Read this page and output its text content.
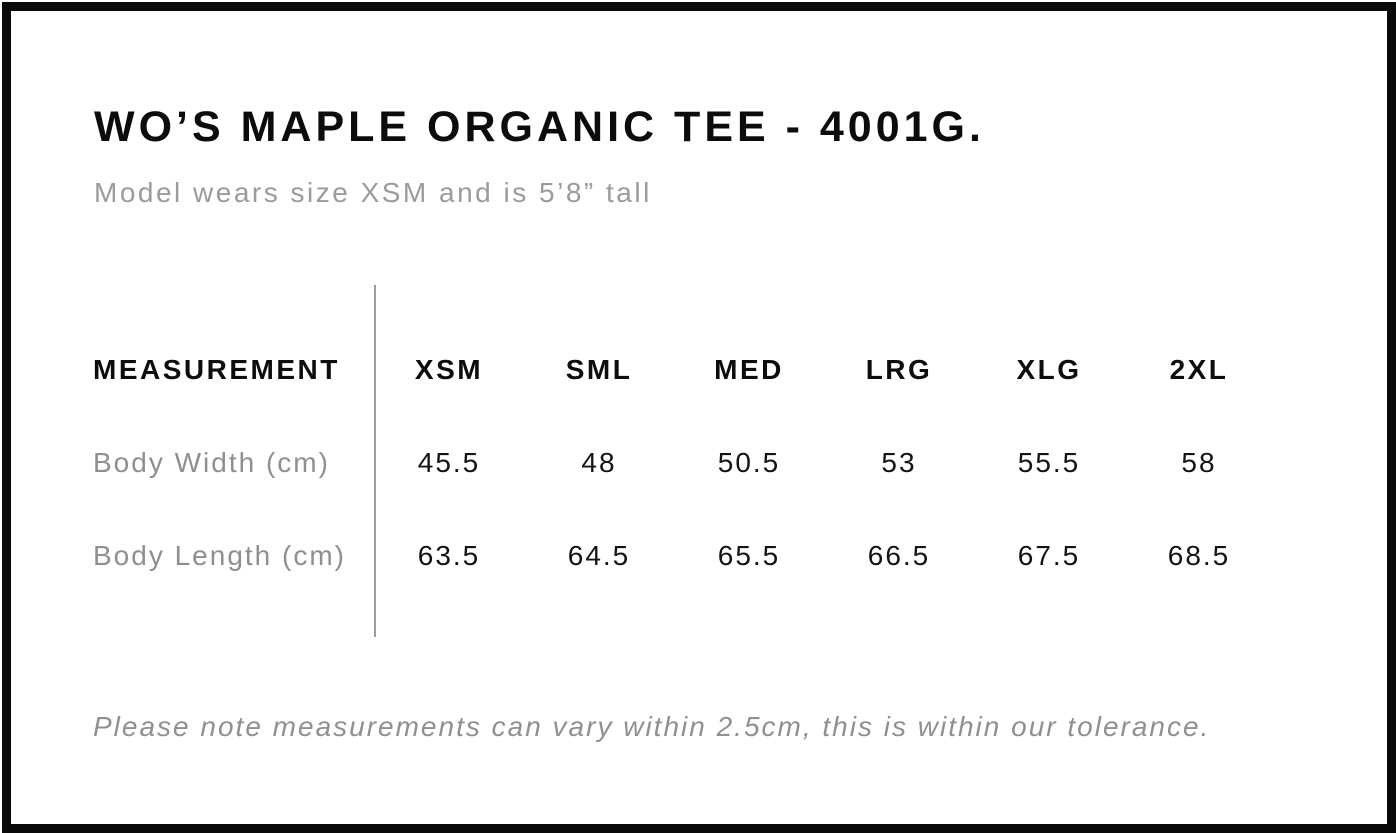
WO’S MAPLE ORGANIC TEE - 4001G.

Model wears size XSM and is 5’8” tall

MEASUREMENT	XSM	SML	MED	LRG	XLG	2XL
Body Width (cm)	45.5	48	50.5	53	55.5	58
Body Length (cm)	63.5	64.5	65.5	66.5	67.5	68.5

Please note measurements can vary within 2.5cm, this is within our tolerance.
